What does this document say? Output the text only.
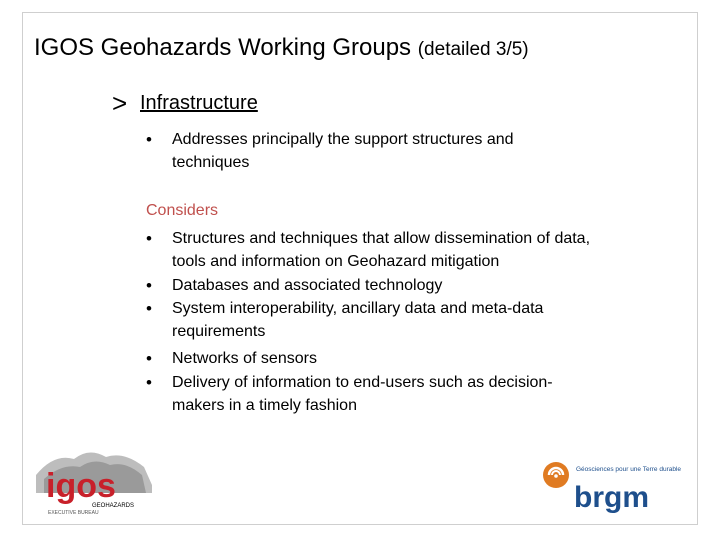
IGOS Geohazards Working Groups (detailed 3/5)
> Infrastructure
• Addresses principally the support structures and techniques
Considers
• Structures and techniques that allow dissemination of data, tools and information on Geohazard mitigation
• Databases and associated technology
• System interoperability, ancillary data and meta-data requirements
• Networks of sensors
• Delivery of information to end-users such as decision-makers in a timely fashion
igos
GEOHAZARDS
EXECUTIVE BUREAU
Géosciences pour une Terre durable
brgm
